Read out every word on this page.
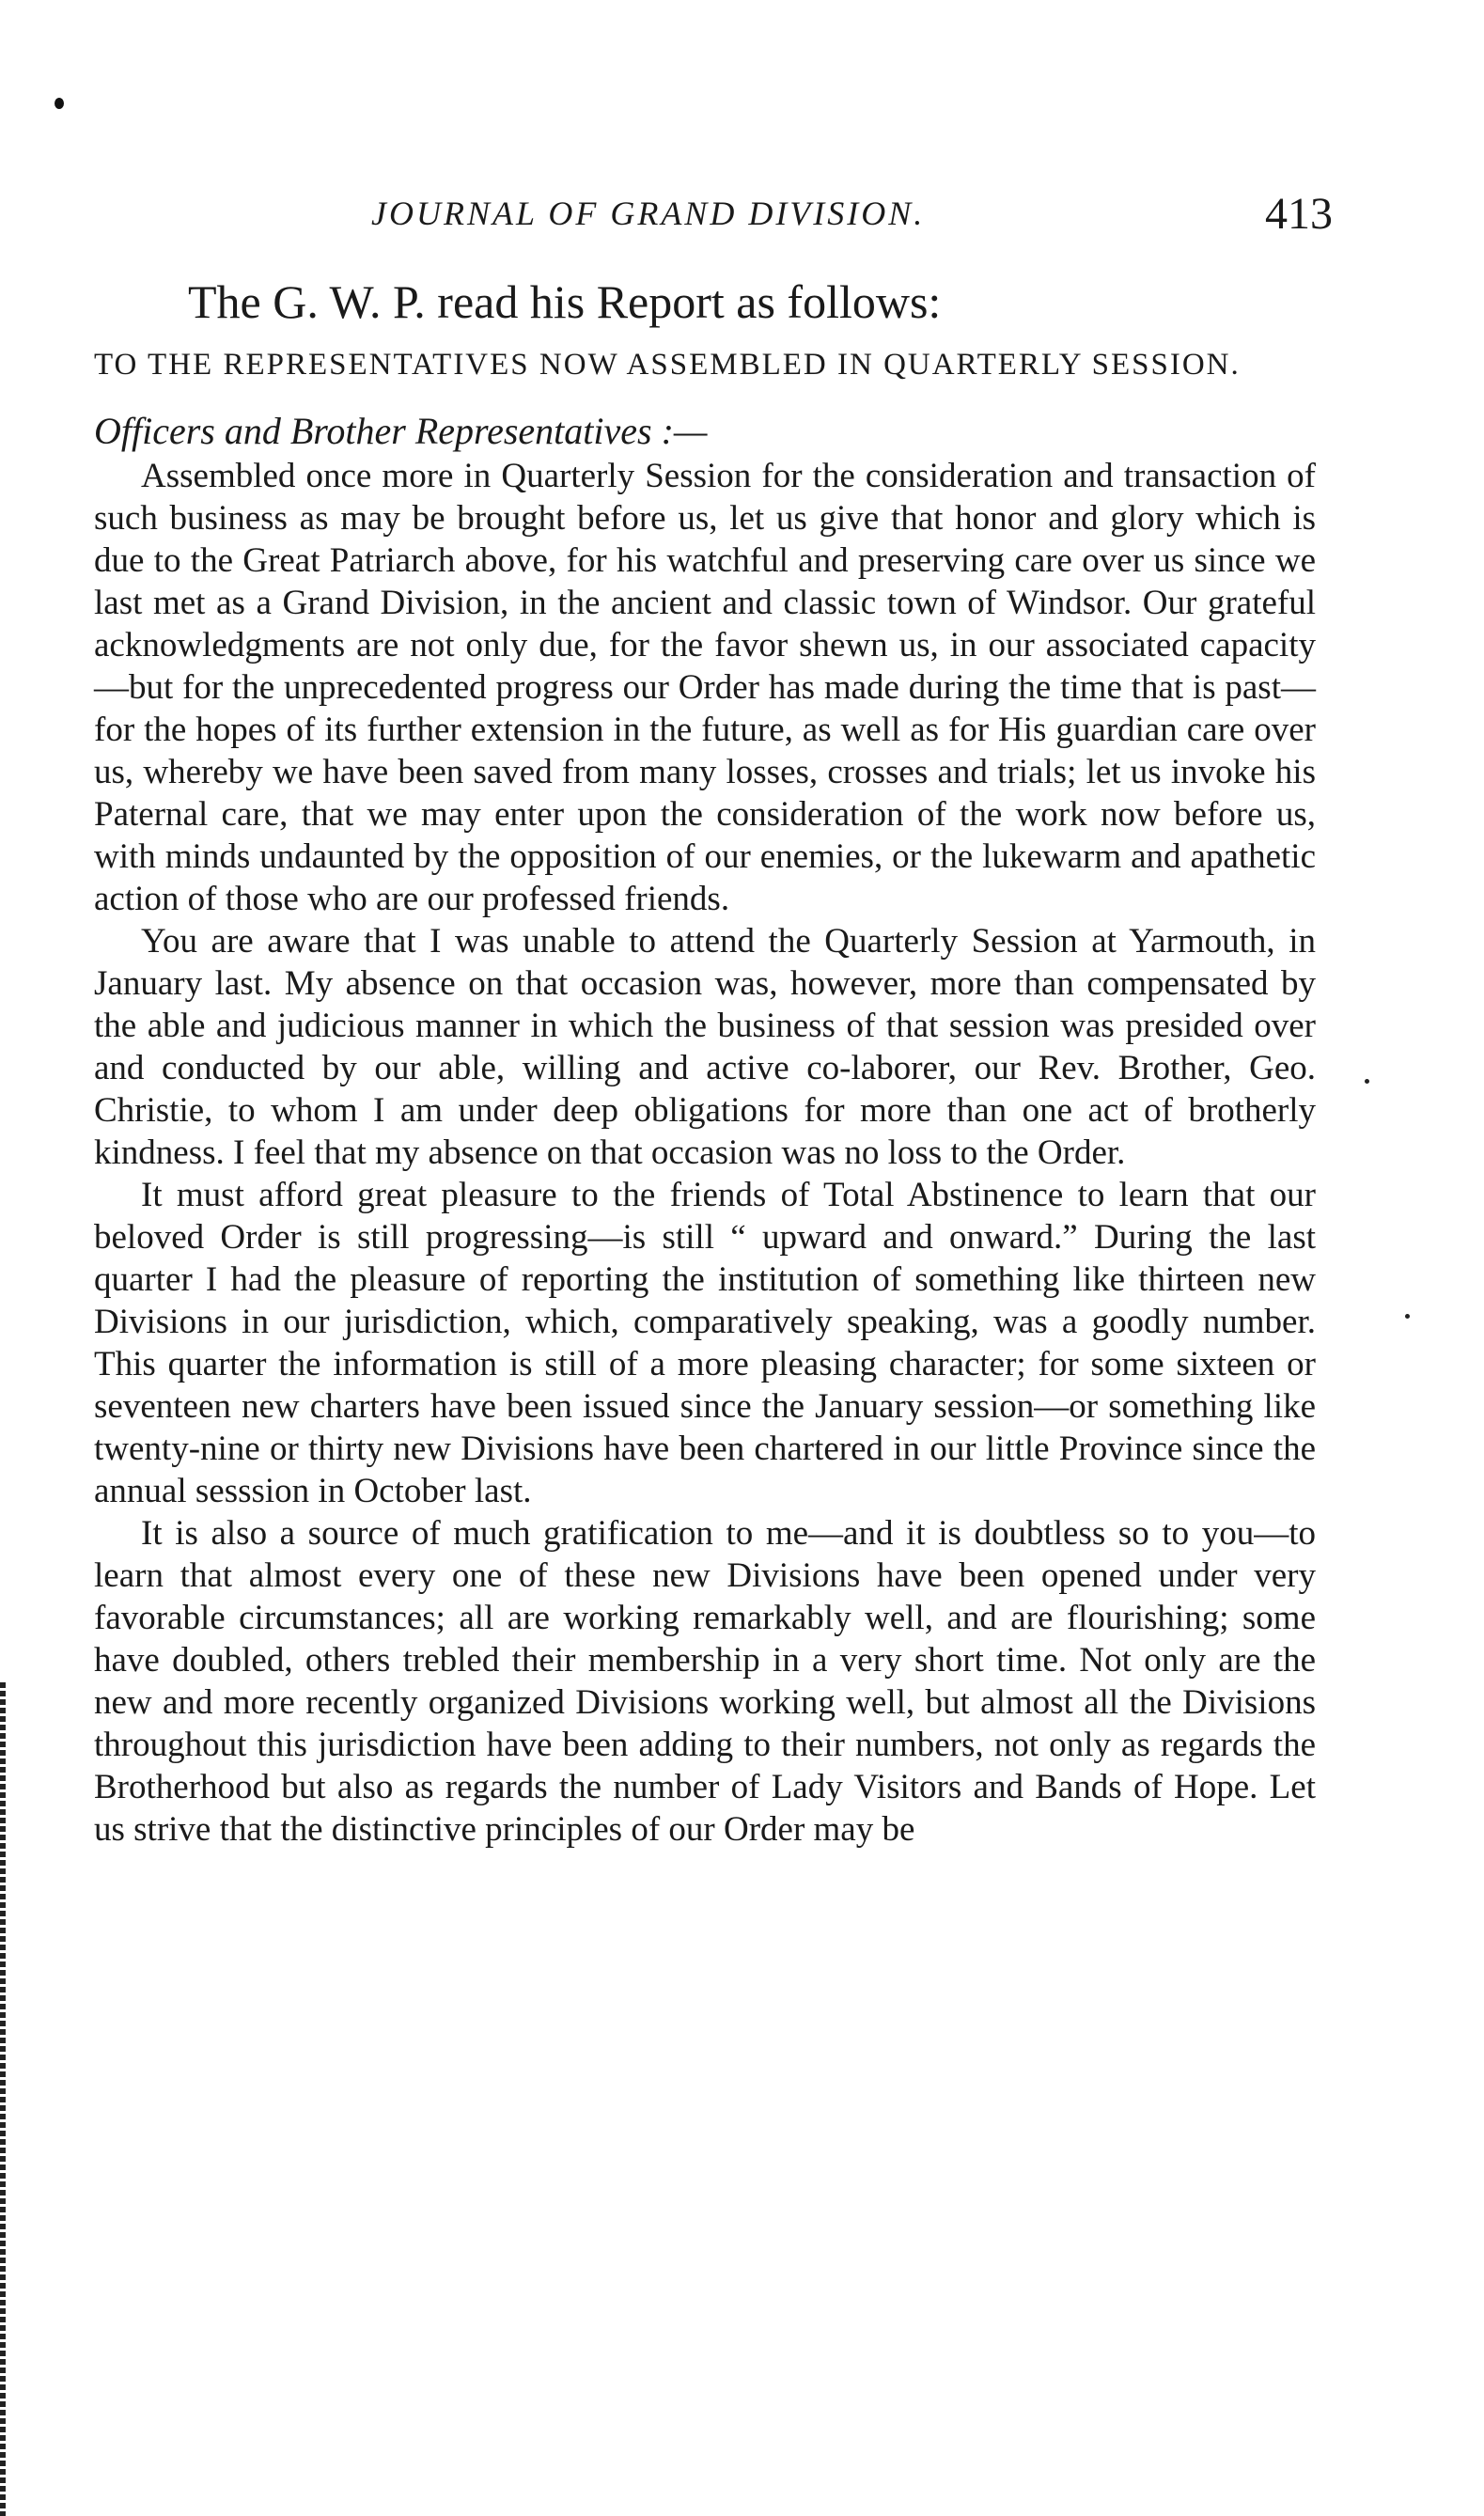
JOURNAL OF GRAND DIVISION.	413

The G. W. P. read his Report as follows:

TO THE REPRESENTATIVES NOW ASSEMBLED IN QUARTERLY SESSION.

Officers and Brother Representatives :—

Assembled once more in Quarterly Session for the consideration and transaction of such business as may be brought before us, let us give that honor and glory which is due to the Great Patriarch above, for his watchful and preserving care over us since we last met as a Grand Division, in the ancient and classic town of Windsor. Our grateful acknowledgments are not only due, for the favor shewn us, in our associated capacity—but for the unprecedented progress our Order has made during the time that is past—for the hopes of its further extension in the future, as well as for His guardian care over us, whereby we have been saved from many losses, crosses and trials; let us invoke his Paternal care, that we may enter upon the consideration of the work now before us, with minds undaunted by the opposition of our enemies, or the lukewarm and apathetic action of those who are our professed friends.

You are aware that I was unable to attend the Quarterly Session at Yarmouth, in January last. My absence on that occasion was, however, more than compensated by the able and judicious manner in which the business of that session was presided over and conducted by our able, willing and active co-laborer, our Rev. Brother, Geo. Christie, to whom I am under deep obligations for more than one act of brotherly kindness. I feel that my absence on that occasion was no loss to the Order.

It must afford great pleasure to the friends of Total Abstinence to learn that our beloved Order is still progressing—is still “ upward and onward.” During the last quarter I had the pleasure of reporting the institution of something like thirteen new Divisions in our jurisdiction, which, comparatively speaking, was a goodly number. This quarter the information is still of a more pleasing character; for some sixteen or seventeen new charters have been issued since the January session—or something like twenty-nine or thirty new Divisions have been chartered in our little Province since the annual sesssion in October last.

It is also a source of much gratification to me—and it is doubtless so to you—to learn that almost every one of these new Divisions have been opened under very favorable circumstances; all are working remarkably well, and are flourishing; some have doubled, others trebled their membership in a very short time. Not only are the new and more recently organized Divisions working well, but almost all the Divisions throughout this jurisdiction have been adding to their numbers, not only as regards the Brotherhood but also as regards the number of Lady Visitors and Bands of Hope. Let us strive that the distinctive principles of our Order may be
